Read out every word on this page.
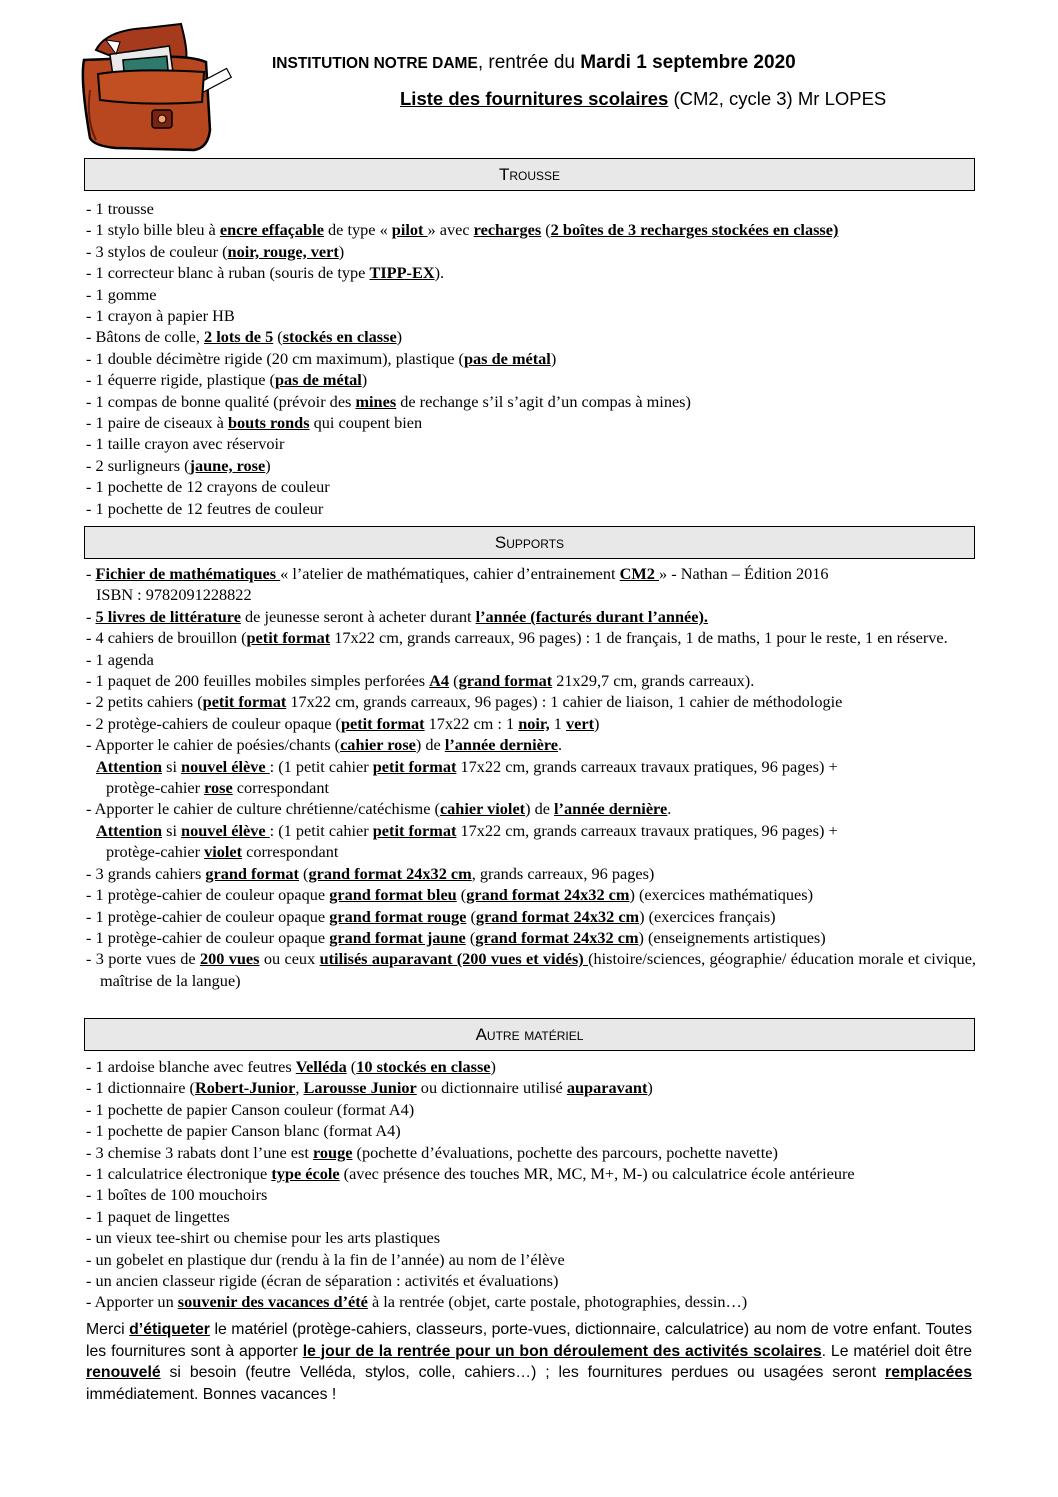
INSTITUTION NOTRE DAME, rentrée du Mardi 1 septembre 2020
Liste des fournitures scolaires (CM2, cycle 3) Mr LOPES
Trousse
- 1 trousse
- 1 stylo bille bleu à encre effaçable de type « pilot » avec recharges (2 boîtes de 3 recharges stockées en classe)
- 3 stylos de couleur (noir, rouge, vert)
- 1 correcteur blanc à ruban (souris de type TIPP-EX).
- 1 gomme
- 1 crayon à papier HB
- Bâtons de colle, 2 lots de 5 (stockés en classe)
- 1 double décimètre rigide (20 cm maximum), plastique (pas de métal)
- 1 équerre rigide, plastique (pas de métal)
- 1 compas de bonne qualité (prévoir des mines de rechange s’il s’agit d’un compas à mines)
- 1 paire de ciseaux à bouts ronds qui coupent bien
- 1 taille crayon avec réservoir
- 2 surligneurs (jaune, rose)
- 1 pochette de 12 crayons de couleur
- 1 pochette de 12 feutres de couleur
Supports
- Fichier de mathématiques « l’atelier de mathématiques, cahier d’entrainement CM2 » - Nathan – Édition 2016
ISBN : 9782091228822
- 5 livres de littérature de jeunesse seront à acheter durant l’année (facturés durant l’année).
- 4 cahiers de brouillon (petit format 17x22 cm, grands carreaux, 96 pages) : 1 de français, 1 de maths, 1 pour le reste, 1 en réserve.
- 1 agenda
- 1 paquet de 200 feuilles mobiles simples perforées A4 (grand format 21x29,7 cm, grands carreaux).
- 2 petits cahiers (petit format 17x22 cm, grands carreaux, 96 pages) : 1 cahier de liaison, 1 cahier de méthodologie
- 2 protège-cahiers de couleur opaque (petit format 17x22 cm : 1 noir, 1 vert)
- Apporter le cahier de poésies/chants (cahier rose) de l’année dernière.
Attention si nouvel élève : (1 petit cahier petit format 17x22 cm, grands carreaux travaux pratiques, 96 pages) +
protège-cahier rose correspondant
- Apporter le cahier de culture chrétienne/catéchisme (cahier violet) de l’année dernière.
Attention si nouvel élève : (1 petit cahier petit format 17x22 cm, grands carreaux travaux pratiques, 96 pages) +
protège-cahier violet correspondant
- 3 grands cahiers grand format (grand format 24x32 cm, grands carreaux, 96 pages)
- 1 protège-cahier de couleur opaque grand format bleu (grand format 24x32 cm) (exercices mathématiques)
- 1 protège-cahier de couleur opaque grand format rouge (grand format 24x32 cm) (exercices français)
- 1 protège-cahier de couleur opaque grand format jaune (grand format 24x32 cm) (enseignements artistiques)
- 3 porte vues de 200 vues ou ceux utilisés auparavant (200 vues et vidés) (histoire/sciences, géographie/ éducation morale et civique, maîtrise de la langue)
Autre matériel
- 1 ardoise blanche avec feutres Velléda (10 stockés en classe)
- 1 dictionnaire (Robert-Junior, Larousse Junior ou dictionnaire utilisé auparavant)
- 1 pochette de papier Canson couleur (format A4)
- 1 pochette de papier Canson blanc (format A4)
- 3 chemise 3 rabats dont l’une est rouge (pochette d’évaluations, pochette des parcours, pochette navette)
- 1 calculatrice électronique type école (avec présence des touches MR, MC, M+, M-) ou calculatrice école antérieure
- 1 boîtes de 100 mouchoirs
- 1 paquet de lingettes
- un vieux tee-shirt ou chemise pour les arts plastiques
- un gobelet en plastique dur (rendu à la fin de l’année) au nom de l’élève
- un ancien classeur rigide (écran de séparation : activités et évaluations)
- Apporter un souvenir des vacances d’été à la rentrée (objet, carte postale, photographies, dessin…)
Merci d’étiqueter le matériel (protège-cahiers, classeurs, porte-vues, dictionnaire, calculatrice) au nom de votre enfant. Toutes les fournitures sont à apporter le jour de la rentrée pour un bon déroulement des activités scolaires. Le matériel doit être renouvelé si besoin (feutre Velléda, stylos, colle, cahiers…) ; les fournitures perdues ou usagées seront remplacées immédiatement. Bonnes vacances !
